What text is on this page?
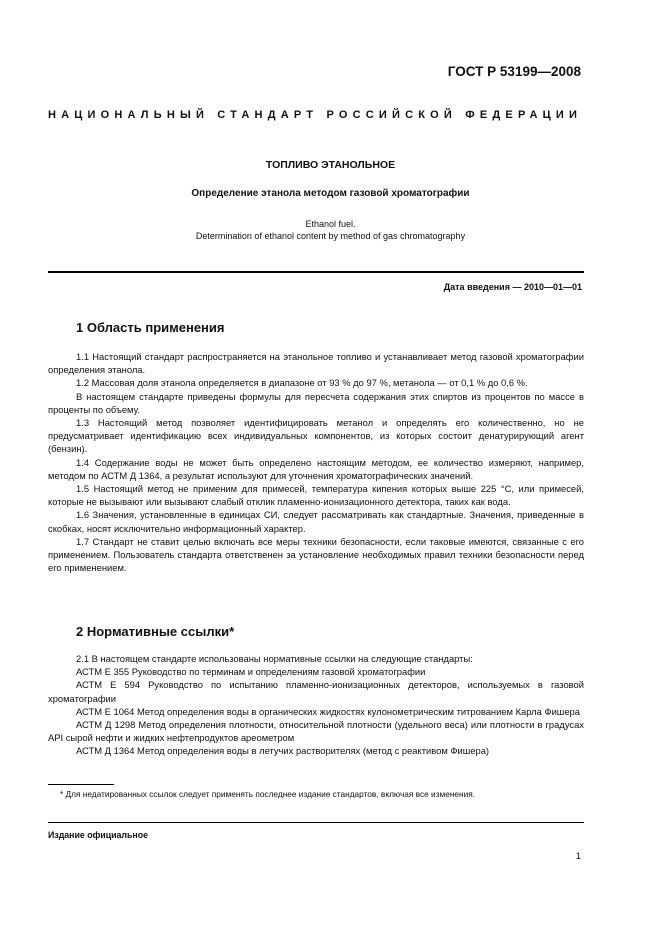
ГОСТ Р 53199—2008
НАЦИОНАЛЬНЫЙ СТАНДАРТ РОССИЙСКОЙ ФЕДЕРАЦИИ
ТОПЛИВО ЭТАНОЛЬНОЕ
Определение этанола методом газовой хроматографии
Ethanol fuel.
Determination of ethanol content by method of gas chromatography
Дата введения — 2010—01—01
1 Область применения

1.1 Настоящий стандарт распространяется на этанольное топливо и устанавливает метод газовой хроматографии определения этанола.

1.2 Массовая доля этанола определяется в диапазоне от 93 % до 97 %, метанола — от 0,1 % до 0,6 %.

В настоящем стандарте приведены формулы для пересчета содержания этих спиртов из процентов по массе в проценты по объему.

1.3 Настоящий метод позволяет идентифицировать метанол и определять его количественно, но не предусматривает идентификацию всех индивидуальных компонентов, из которых состоит денатурирующий агент (бензин).

1.4 Содержание воды не может быть определено настоящим методом, ее количество измеряют, например, методом по АСТМ Д 1364, а результат используют для уточнения хроматографических значений.

1.5 Настоящий метод не применим для примесей, температура кипения которых выше 225 °С, или примесей, которые не вызывают или вызывают слабый отклик пламенно-ионизационного детектора, таких как вода.

1.6 Значения, установленные в единицах СИ, следует рассматривать как стандартные. Значения, приведенные в скобках, носят исключительно информационный характер.

1.7 Стандарт не ставит целью включать все меры техники безопасности, если таковые имеются, связанные с его применением. Пользователь стандарта ответственен за установление необходимых правил техники безопасности перед его применением.

2 Нормативные ссылки*

2.1 В настоящем стандарте использованы нормативные ссылки на следующие стандарты:

АСТМ Е 355 Руководство по терминам и определениям газовой хроматографии

АСТМ Е 594 Руководство по испытанию пламенно-ионизационных детекторов, используемых в газовой хроматографии

АСТМ Е 1064 Метод определения воды в органических жидкостях кулонометрическим титрованием Карла Фишера

АСТМ Д 1298 Метод определения плотности, относительной плотности (удельного веса) или плотности в градусах API сырой нефти и жидких нефтепродуктов ареометром

АСТМ Д 1364 Метод определения воды в летучих растворителях (метод с реактивом Фишера)

* Для недатированных ссылок следует применять последнее издание стандартов, включая все изменения.
Издание официальное
1
